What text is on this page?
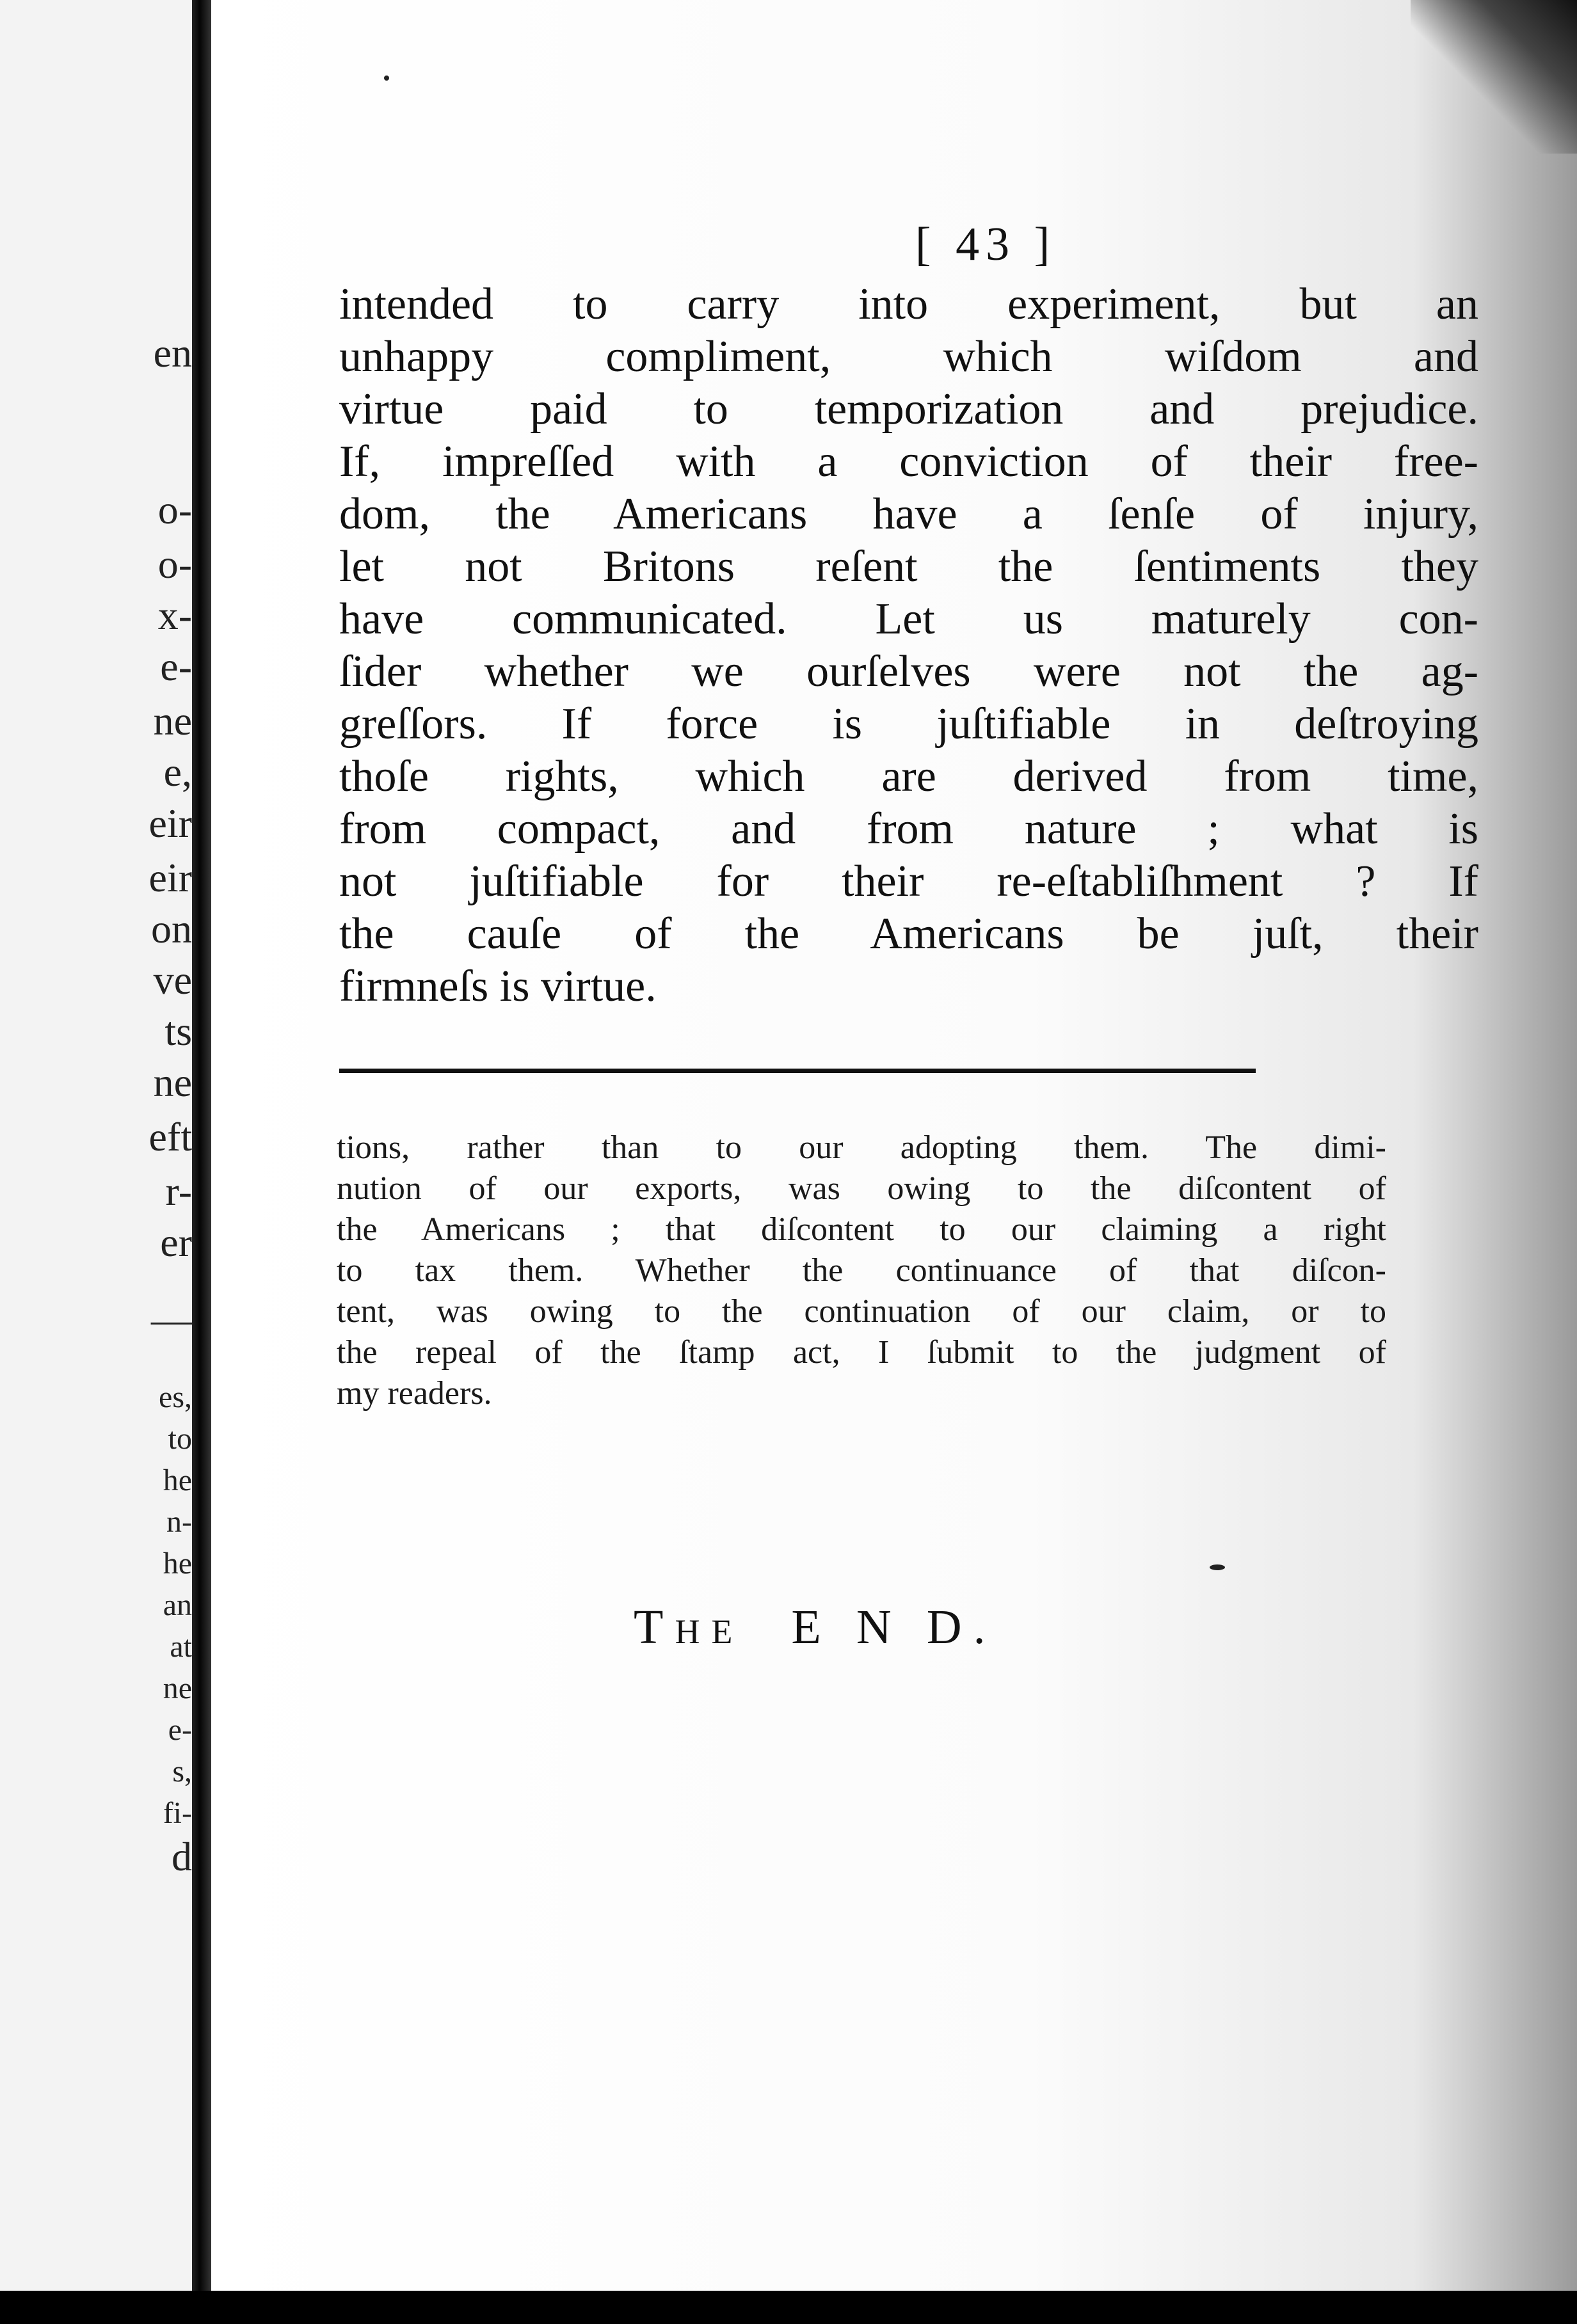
en
o-
o-
x-
e-
ne
e,
eir
eir
on
ve
ts
ne
eft
r-
er
—
es,
to
he
n-
he
an
at
ne
e-
s,
fi-
d
[ 43 ]
intended to carry into experiment, but an
unhappy compliment, which wiſdom and
virtue paid to temporization and prejudice.
If, impreſſed with a conviction of their free-
dom, the Americans have a ſenſe of injury,
let not Britons reſent the ſentiments they
have communicated. Let us maturely con-
ſider whether we ourſelves were not the ag-
greſſors. If force is juſtifiable in deſtroying
thoſe rights, which are derived from time,
from compact, and from nature ; what is
not juſtifiable for their re-eſtabliſhment ? If
the cauſe of the Americans be juſt, their
firmneſs is virtue.
tions, rather than to our adopting them. The dimi-
nution of our exports, was owing to the diſcontent of
the Americans ; that diſcontent to our claiming a right
to tax them. Whether the continuance of that diſcon-
tent, was owing to the continuation of our claim, or to
the repeal of the ſtamp act, I ſubmit to the judgment of
my readers.
THE E N D.
